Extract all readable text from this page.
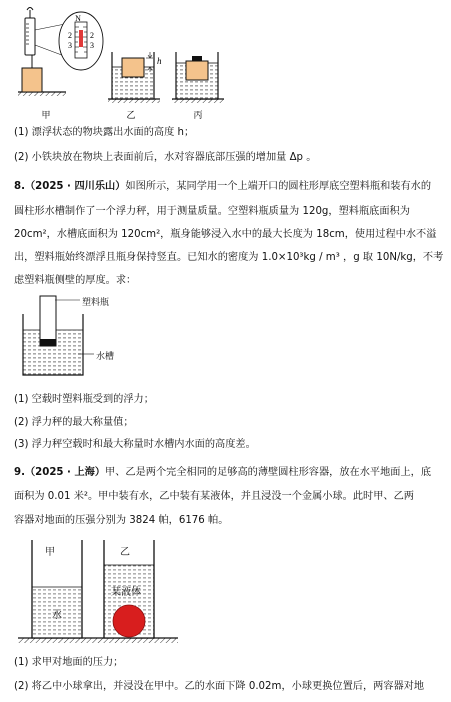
N
2
3
2
3
h
甲	乙	丙
(1) 漂浮状态的物块露出水面的高度 h；
(2) 小铁块放在物块上表面前后，水对容器底部压强的增加量 Δp 。
8.（2025 · 四川乐山）如图所示，某同学用一个上端开口的圆柱形厚底空塑料瓶和装有水的
圆柱形水槽制作了一个浮力秤，用于测量质量。空塑料瓶质量为 120g，塑料瓶底面积为
20cm²，水槽底面积为 120cm²，瓶身能够浸入水中的最大长度为 18cm，使用过程中水不溢
出，塑料瓶始终漂浮且瓶身保持竖直。已知水的密度为 1.0×10³kg / m³ ，g 取 10N/kg，不考
虑塑料瓶侧壁的厚度。求：
塑料瓶
水槽
(1) 空载时塑料瓶受到的浮力；
(2) 浮力秤的最大称量值；
(3) 浮力秤空载时和最大称量时水槽内水面的高度差。
9.（2025 · 上海）甲、乙是两个完全相同的足够高的薄壁圆柱形容器，放在水平地面上，底
面积为 0.01 米²。甲中装有水，乙中装有某液体，并且浸没一个金属小球。此时甲、乙两
容器对地面的压强分别为 3824 帕，6176 帕。
甲	乙
水
某液体
(1) 求甲对地面的压力；
(2) 将乙中小球拿出，并浸没在甲中。乙的水面下降 0.02m，小球更换位置后，两容器对地
